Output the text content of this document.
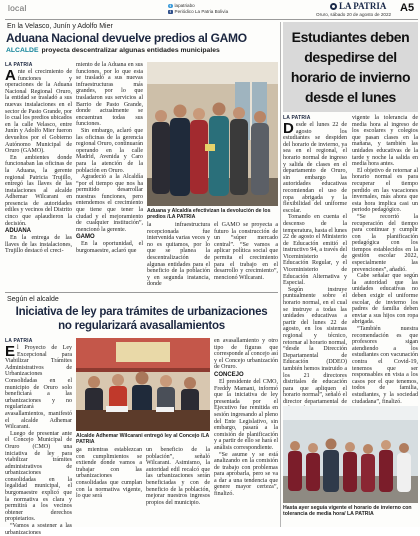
local	t lapatriabo
f Periódico La Patria Bolivia
LA PATRIA
Oruro, sábado 20 de agosto de 2022
A5
En la Velasco, Junín y Adolfo Mier
Aduana Nacional devuelve predios al GAMO
ALCALDE proyecta descentralizar algunas entidades municipales
LA PATRIA

Ante el crecimiento de funciones y operaciones de la Aduana Nacional Regional Oruro, la entidad se trasladó a sus nuevas instalaciones en el sector de Pasto Grande, por lo cual los predios ubicados en la calle Velasco, entre Junín y Adolfo Mier fueron devueltos por el Gobierno Autónomo Municipal de Oruro (GAMO).

En ambientes donde funcionaban las oficinas de la Aduana, la gerente regional Patricia Trujillo, entregó las llaves de las instalaciones al alcalde Adhemar Wilcarani en presencia de autoridades ediles y vecinos del Distrito cinco que aplaudieron la decisión.

ADUANA

En la entrega de las llaves de las instalaciones, Trujillo destacó el creci-

miento de la Aduana en sus funciones, por lo que esta se trasladó a sus nuevas infraestructuras más grandes, por lo que trasladaron sus servicios al Barrio de Pasto Grande, donde actualmente se encuentran todas sus funciones.

Sin embargo, aclaró que las oficinas de la gerencia regional Oruro, continuarán operando en la calle Madrid, Avenida y Caro para la atención de la población en Oruro.

Agradeció a la Alcaldía “por el tiempo que nos ha permitido desarrollar nuestras funciones, pero entendemos el crecimiento que tiene que tener la ciudad y el mejoramiento de cualquier institución”, mencionó la gerente.

GAMO

En la oportunidad, el burgomaestre, aclaró que

Aduana y Alcaldía efectivizan la devolución de los predios /LA PATRIA

la infraestructura recepcionada fue intervenida varias veces y no es quitamos, por lo que se planea la descentralización de algunas entidades para el beneficio de la población y en segunda instancia, donde

el GAMO se proyecta a futuro la construcción de un “súper mercado central”. “Se vamos a aplicar política social que permita el crecimiento para el trabajo en el desarrollo y crecimiento”, mencionó Wilcarani.

Estudiantes deben
despedirse del
horario de invierno
desde el lunes
LA PATRIA

Desde el lunes 22 de agosto los estudiantes se despiden del horario de invierno, ya sea en el regional, el horario normal de ingreso y salida de clases en el departamento de Oruro, sin embargo las autoridades educativas recomiendan el uso de ropa abrigada y la flexibilidad del uniforme escolar.

Tomando en cuenta el descenso de la temperatura, hasta el lunes 22 de agosto el Ministerio de Educación emitió el instructivo 94, a través del Viceministerio de Educación Regular, y el Viceministerio de Educación Alternativa y Especial.

Según instruye puntualmente sobre el horario normal, en el cual se instruye a todas las unidades educativas a partir del lunes 22 de agosto, en los sistemas regional y técnico, retornar al horario normal, “desde la Dirección Departamental de Educación (DDEO) también hemos instruido a los 21 directores distritales de educación para que apliquen el horario normal”, señaló el director departamental de

vigente la tolerancia de media hora al ingreso de los escolares y colegios que pasan clases en la mañana, y también las unidades educativas de la tarde y noche la salida en media hora antes.

El objetivo de retornar al horario normal es para recuperar el tiempo perdido en las vacaciones invernales, más ahora que esta hora implica casi un periodo pedagógico.

“Se recorrió la recuperación del tiempo para continuar y cumplir con la planificación pedagógica con los tiempos establecidos en la gestión escolar 2022, especialmente las prevenciones”, añadió.

Cabe señalar que según la autoridad que las unidades educativas no deben exigir el uniforme escolar, de invierno los padres de familia deben enviar a sus hijos con ropa abrigada.

“También nuestra recomendación es que profesores sigan atendiendo a los estudiantes con vacunación contra el Covid-19, tenemos que ser responsables en vista a los casos por el que tenemos, todos de familia, estudiantes, y la sociedad ciudadana”, finalizó.

Hasta ayer seguía vigente el horario de invierno con tolerancia de media hora/ LA PATRIA
Según el alcalde
Iniciativa de ley para trámites de urbanizaciones
no regularizará avasallamientos
LA PATRIA

El Proyecto de Ley Excepcional para Viabilizar Trámites Administrativos de Urbanizaciones Consolidadas en el municipio de Oruro solo beneficiará a las urbanizaciones y no regularizará avasallamientos, manifestó el alcalde Adhemar Wilcarani.

Luego de presentar ante el Concejo Municipal de Oruro (CMO) una iniciativa de ley para viabilizar trámites administrativos de urbanizaciones consolidadas en la legalidad municipal, el burgomaestre explicó que la normativa es clara y permitirá a los vecinos obtener derechos propietarios.

“Vamos a sostener a las urbanizaciones

Alcalde Adhemar Wilcarani entregó ley al Concejo /LA PATRIA

ga mientras establezcan con cumplimientos se extiende donde vamos a trabajar con las urbanizaciones consolidadas que cumplan con la normativa vigente, lo que será

un beneficio de la población”, señaló Wilcarani. Asimismo, la autoridad edil recalcó que las urbanizaciones serán beneficiadas y con de beneficio de la población, mejorar nuestros ingresos propios del municipio.

en avasallamiento y otro tipo de figuras que corresponde al concejo así y el Concejo urbanización de Oruro.

CONCEJO

El presidente del CMO, Freddy Mamani, informó que la iniciativa de ley presentada por el Ejecutivo fue remitida en sesión ingresando al pleno del Ente Legislativo, sin embargo, pasará a la comisión de planificación y a partir de ello se hará el análisis correspondiente.

“Se asume y se está analizando en la comisión de trabajo con problemas para aprobarla, pero se va a dar a una tendencia que genere mayor certeza”, finalizó.
